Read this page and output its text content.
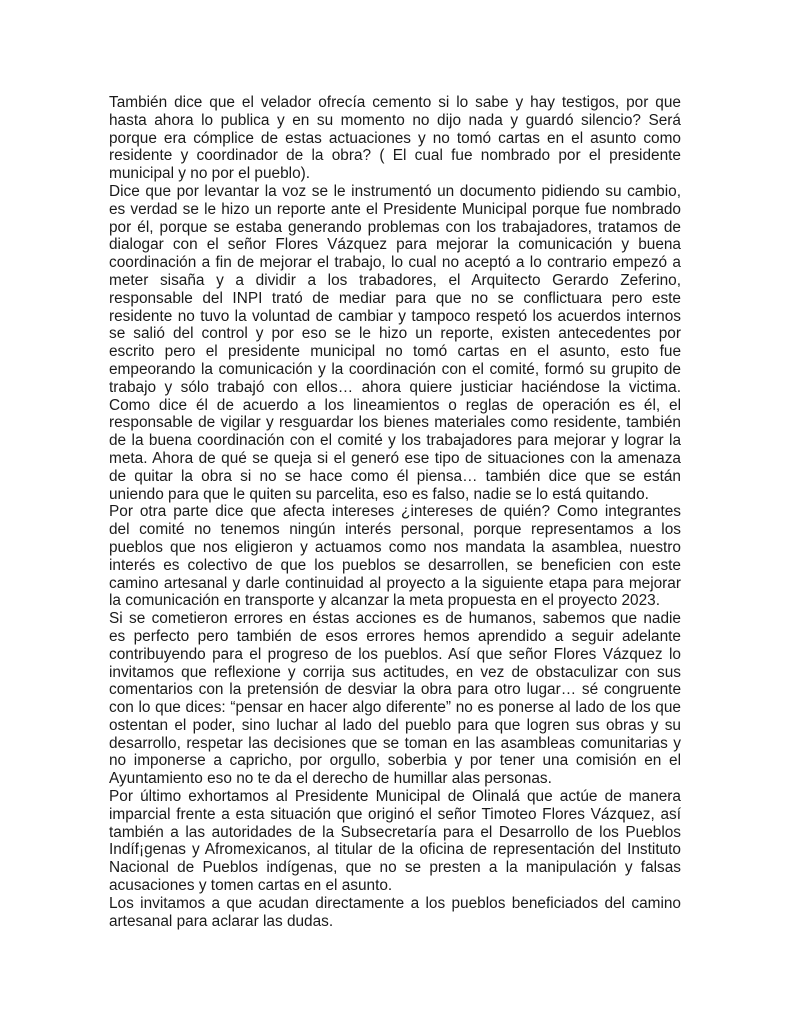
También dice que el velador ofrecía cemento si lo sabe y hay testigos, por que
hasta ahora lo publica y en su momento no dijo nada y guardó silencio? Será
porque era cómplice de estas actuaciones y no tomó cartas en el asunto como
residente y coordinador de la obra? ( El cual fue nombrado por el presidente
municipal y no por el pueblo).
Dice que por levantar la voz se le instrumentó un documento pidiendo su cambio,
es verdad se le hizo un reporte ante el Presidente Municipal porque fue nombrado
por él, porque se estaba generando problemas con los trabajadores, tratamos de
dialogar con el señor Flores Vázquez para mejorar la comunicación y buena
coordinación a fin de mejorar el trabajo, lo cual no aceptó a lo contrario empezó a
meter sisaña y a dividir a los trabadores, el Arquitecto Gerardo Zeferino,
responsable del INPI trató de mediar para que no se conflictuara pero este
residente no tuvo la voluntad de cambiar y tampoco respetó los acuerdos internos
se salió del control y por eso se le hizo un reporte, existen antecedentes por
escrito pero el presidente municipal no tomó cartas en el asunto, esto fue
empeorando la comunicación y la coordinación con el comité, formó su grupito de
trabajo y sólo trabajó con ellos… ahora quiere justiciar haciéndose la victima.
Como dice él de acuerdo a los lineamientos o reglas de operación es él, el
responsable de vigilar y resguardar los bienes materiales como residente, también
de la buena coordinación con el comité y los trabajadores para mejorar y lograr la
meta. Ahora de qué se queja si el generó ese tipo de situaciones con la amenaza
de quitar la obra si no se hace como él piensa… también dice que se están
uniendo para que le quiten su parcelita, eso es falso, nadie se lo está quitando.
Por otra parte dice que afecta intereses ¿intereses de quién? Como integrantes
del comité no tenemos ningún interés personal, porque representamos a los
pueblos que nos eligieron y actuamos como nos mandata la asamblea, nuestro
interés es colectivo de que los pueblos se desarrollen, se beneficien con este
camino artesanal y darle continuidad al proyecto a la siguiente etapa para mejorar
la comunicación en transporte y alcanzar la meta propuesta en el proyecto 2023.
Si se cometieron errores en éstas acciones es de humanos, sabemos que nadie
es perfecto pero también de esos errores hemos aprendido a seguir adelante
contribuyendo para el progreso de los pueblos. Así que señor Flores Vázquez lo
invitamos que reflexione y corrija sus actitudes, en vez de obstaculizar con sus
comentarios con la pretensión de desviar la obra para otro lugar… sé congruente
con lo que dices: “pensar en hacer algo diferente” no es ponerse al lado de los que
ostentan el poder, sino luchar al lado del pueblo para que logren sus obras y su
desarrollo, respetar las decisiones que se toman en las asambleas comunitarias y
no imponerse a capricho, por orgullo, soberbia y por tener una comisión en el
Ayuntamiento eso no te da el derecho de humillar alas personas.
Por último exhortamos al Presidente Municipal de Olinalá que actúe de manera
imparcial frente a esta situación que originó el señor Timoteo Flores Vázquez, así
también a las autoridades de la Subsecretaría para el Desarrollo de los Pueblos
Indíf¡genas y Afromexicanos, al titular de la oficina de representación del Instituto
Nacional de Pueblos indígenas, que no se presten a la manipulación y falsas
acusaciones y tomen cartas en el asunto.
Los invitamos a que acudan directamente a los pueblos beneficiados del camino
artesanal para aclarar las dudas.
